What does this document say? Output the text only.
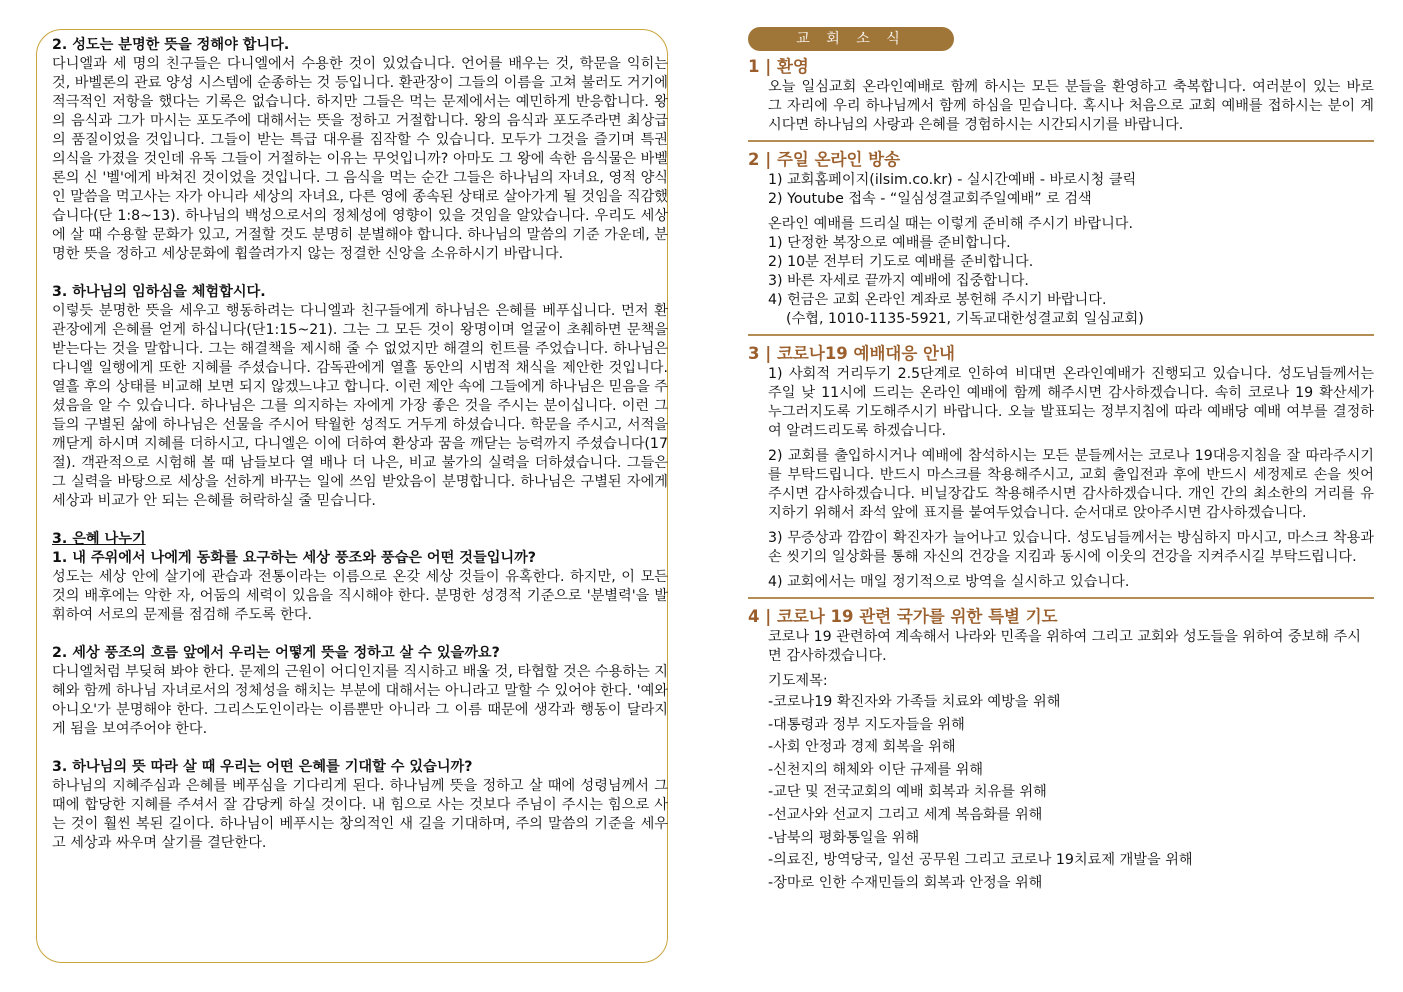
2. 성도는 분명한 뜻을 정해야 합니다.

다니엘과 세 명의 친구들은 다니엘에서 수용한 것이 있었습니다. 언어를 배우는 것, 학문을 익히는 것, 바벨론의 관료 양성 시스템에 순종하는 것 등입니다. 환관장이 그들의 이름을 고쳐 불러도 거기에 적극적인 저항을 했다는 기록은 없습니다. 하지만 그들은 먹는 문제에서는 예민하게 반응합니다. 왕의 음식과 그가 마시는 포도주에 대해서는 뜻을 정하고 거절합니다. 왕의 음식과 포도주라면 최상급의 품질이었을 것입니다. 그들이 받는 특급 대우를 짐작할 수 있습니다. 모두가 그것을 즐기며 특권 의식을 가졌을 것인데 유독 그들이 거절하는 이유는 무엇입니까? 아마도 그 왕에 속한 음식물은 바벨론의 신 '벨'에게 바쳐진 것이었을 것입니다. 그 음식을 먹는 순간 그들은 하나님의 자녀요, 영적 양식인 말씀을 먹고사는 자가 아니라 세상의 자녀요, 다른 영에 종속된 상태로 살아가게 될 것임을 직감했습니다(단 1:8~13). 하나님의 백성으로서의 정체성에 영향이 있을 것임을 알았습니다. 우리도 세상에 살 때 수용할 문화가 있고, 거절할 것도 분명히 분별해야 합니다. 하나님의 말씀의 기준 가운데, 분명한 뜻을 정하고 세상문화에 휩쓸려가지 않는 정결한 신앙을 소유하시기 바랍니다.

3. 하나님의 임하심을 체험합시다.

이렇듯 분명한 뜻을 세우고 행동하려는 다니엘과 친구들에게 하나님은 은혜를 베푸십니다. 먼저 환관장에게 은혜를 얻게 하십니다(단1:15~21). 그는 그 모든 것이 왕명이며 얼굴이 초췌하면 문책을 받는다는 것을 말합니다. 그는 해결책을 제시해 줄 수 없었지만 해결의 힌트를 주었습니다. 하나님은 다니엘 일행에게 또한 지혜를 주셨습니다. 감독관에게 열흘 동안의 시범적 채식을 제안한 것입니다. 열흘 후의 상태를 비교해 보면 되지 않겠느냐고 합니다. 이런 제안 속에 그들에게 하나님은 믿음을 주셨음을 알 수 있습니다. 하나님은 그를 의지하는 자에게 가장 좋은 것을 주시는 분이십니다. 이런 그들의 구별된 삶에 하나님은 선물을 주시어 탁월한 성적도 거두게 하셨습니다. 학문을 주시고, 서적을 깨닫게 하시며 지혜를 더하시고, 다니엘은 이에 더하여 환상과 꿈을 깨닫는 능력까지 주셨습니다(17절). 객관적으로 시험해 볼 때 남들보다 열 배나 더 나은, 비교 불가의 실력을 더하셨습니다. 그들은 그 실력을 바탕으로 세상을 선하게 바꾸는 일에 쓰임 받았음이 분명합니다. 하나님은 구별된 자에게 세상과 비교가 안 되는 은혜를 허락하실 줄 믿습니다.

3. 은혜 나누기
1. 내 주위에서 나에게 동화를 요구하는 세상 풍조와 풍습은 어떤 것들입니까?

성도는 세상 안에 살기에 관습과 전통이라는 이름으로 온갖 세상 것들이 유혹한다. 하지만, 이 모든 것의 배후에는 악한 자, 어둠의 세력이 있음을 직시해야 한다. 분명한 성경적 기준으로 '분별력'을 발휘하여 서로의 문제를 점검해 주도록 한다.

2. 세상 풍조의 흐름 앞에서 우리는 어떻게 뜻을 정하고 살 수 있을까요?

다니엘처럼 부딪혀 봐야 한다. 문제의 근원이 어디인지를 직시하고 배울 것, 타협할 것은 수용하는 지혜와 함께 하나님 자녀로서의 정체성을 해치는 부분에 대해서는 아니라고 말할 수 있어야 한다. '예와 아니오'가 분명해야 한다. 그리스도인이라는 이름뿐만 아니라 그 이름 때문에 생각과 행동이 달라지게 됨을 보여주어야 한다.

3. 하나님의 뜻 따라 살 때 우리는 어떤 은혜를 기대할 수 있습니까?

하나님의 지혜주심과 은혜를 베푸심을 기다리게 된다. 하나님께 뜻을 정하고 살 때에 성령님께서 그 때에 합당한 지혜를 주셔서 잘 감당케 하실 것이다. 내 힘으로 사는 것보다 주님이 주시는 힘으로 사는 것이 훨씬 복된 길이다. 하나님이 베푸시는 창의적인 새 길을 기대하며, 주의 말씀의 기준을 세우고 세상과 싸우며 살기를 결단한다.

교 회 소 식
1 | 환영

오늘 일심교회 온라인예배로 함께 하시는 모든 분들을 환영하고 축복합니다. 여러분이 있는 바로 그 자리에 우리 하나님께서 함께 하심을 믿습니다. 혹시나 처음으로 교회 예배를 접하시는 분이 계시다면 하나님의 사랑과 은혜를 경험하시는 시간되시기를 바랍니다.

2 | 주일 온라인 방송
1) 교회홈페이지(ilsim.co.kr) - 실시간예배 - 바로시청 클릭
2) Youtube 접속 - “일심성결교회주일예배” 로 검색
온라인 예배를 드리실 때는 이렇게 준비해 주시기 바랍니다.
1) 단정한 복장으로 예배를 준비합니다.
2) 10분 전부터 기도로 예배를 준비합니다.
3) 바른 자세로 끝까지 예배에 집중합니다.
4) 헌금은 교회 온라인 계좌로 봉헌해 주시기 바랍니다.
(수협, 1010-1135-5921, 기독교대한성결교회 일심교회)
3 | 코로나19 예배대응 안내

1) 사회적 거리두기 2.5단계로 인하여 비대면 온라인예배가 진행되고 있습니다. 성도님들께서는 주일 낮 11시에 드리는 온라인 예배에 함께 해주시면 감사하겠습니다. 속히 코로나 19 확산세가 누그러지도록 기도해주시기 바랍니다. 오늘 발표되는 정부지침에 따라 예배당 예배 여부를 결정하여 알려드리도록 하겠습니다.

2) 교회를 출입하시거나 예배에 참석하시는 모든 분들께서는 코로나 19대응지침을 잘 따라주시기를 부탁드립니다. 반드시 마스크를 착용해주시고, 교회 출입전과 후에 반드시 세정제로 손을 씻어주시면 감사하겠습니다. 비닐장갑도 착용해주시면 감사하겠습니다. 개인 간의 최소한의 거리를 유지하기 위해서 좌석 앞에 표지를 붙여두었습니다. 순서대로 앉아주시면 감사하겠습니다.

3) 무증상과 깜깜이 확진자가 늘어나고 있습니다. 성도님들께서는 방심하지 마시고, 마스크 착용과 손 씻기의 일상화를 통해 자신의 건강을 지킴과 동시에 이웃의 건강을 지켜주시길 부탁드립니다.

4) 교회에서는 매일 정기적으로 방역을 실시하고 있습니다.

4 | 코로나 19 관련 국가를 위한 특별 기도

코로나 19 관련하여 계속해서 나라와 민족을 위하여 그리고 교회와 성도들을 위하여 중보해 주시면 감사하겠습니다.

기도제목:
-코로나19 확진자와 가족들 치료와 예방을 위해
-대통령과 정부 지도자들을 위해
-사회 안정과 경제 회복을 위해
-신천지의 해체와 이단 규제를 위해
-교단 및 전국교회의 예배 회복과 치유를 위해
-선교사와 선교지 그리고 세계 복음화를 위해
-남북의 평화통일을 위해
-의료진, 방역당국, 일선 공무원 그리고 코로나 19치료제 개발을 위해
-장마로 인한 수재민들의 회복과 안정을 위해
